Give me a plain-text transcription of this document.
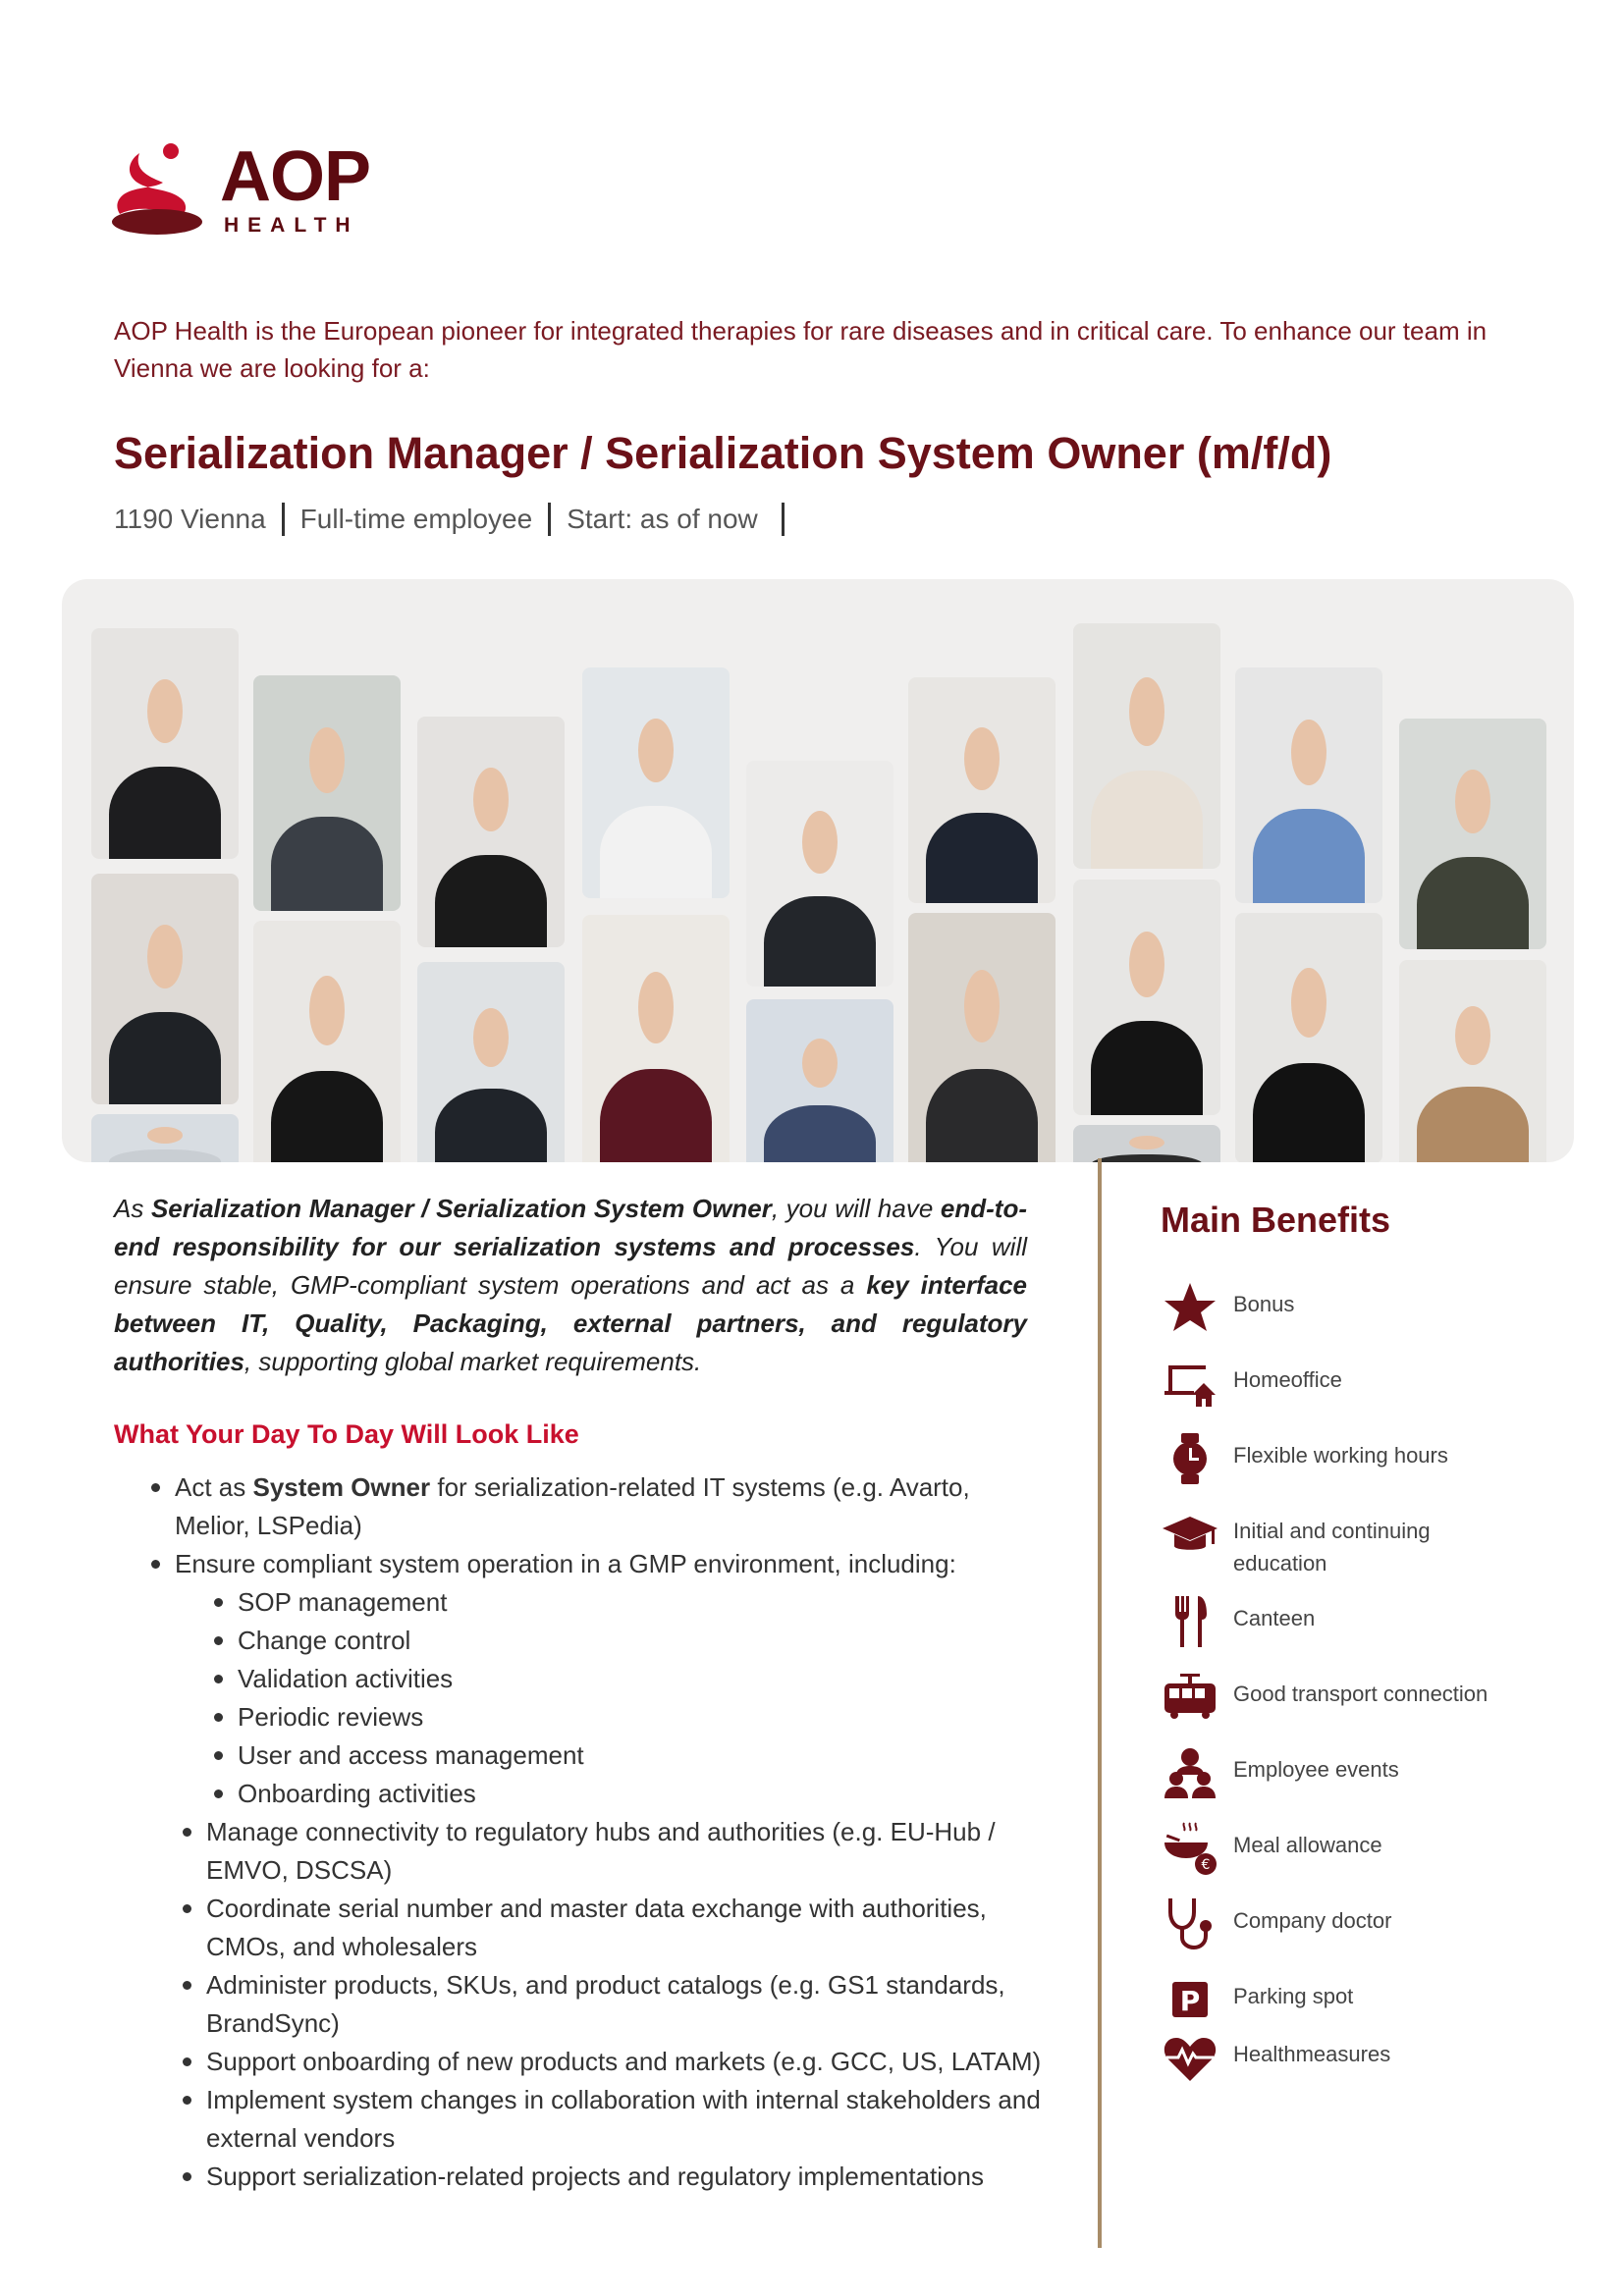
AOP
HEALTH
AOP Health is the European pioneer for integrated therapies for rare diseases and in critical care. To enhance our team in Vienna we are looking for a:
Serialization Manager / Serialization System Owner (m/f/d)
1190 Vienna Full-time employee Start: as of now

As Serialization Manager / Serialization System Owner, you will have end-to-end responsibility for our serialization systems and processes. You will ensure stable, GMP-compliant system operations and act as a key interface between IT, Quality, Packaging, external partners, and regulatory authorities, supporting global market requirements.

What Your Day To Day Will Look Like
Act as System Owner for serialization-related IT systems (e.g. Avarto, Melior, LSPedia)
Ensure compliant system operation in a GMP environment, including:
SOP management
Change control
Validation activities
Periodic reviews
User and access management
Onboarding activities
Manage connectivity to regulatory hubs and authorities (e.g. EU-Hub / EMVO, DSCSA)
Coordinate serial number and master data exchange with authorities, CMOs, and wholesalers
Administer products, SKUs, and product catalogs (e.g. GS1 standards, BrandSync)
Support onboarding of new products and markets (e.g. GCC, US, LATAM)
Implement system changes in collaboration with internal stakeholders and external vendors
Support serialization-related projects and regulatory implementations
Main Benefits
Bonus
Homeoffice
Flexible working hours
Initial and continuing education
Canteen
Good transport connection
Employee events
€
Meal allowance
Company doctor
P Parking spot
Healthmeasures
